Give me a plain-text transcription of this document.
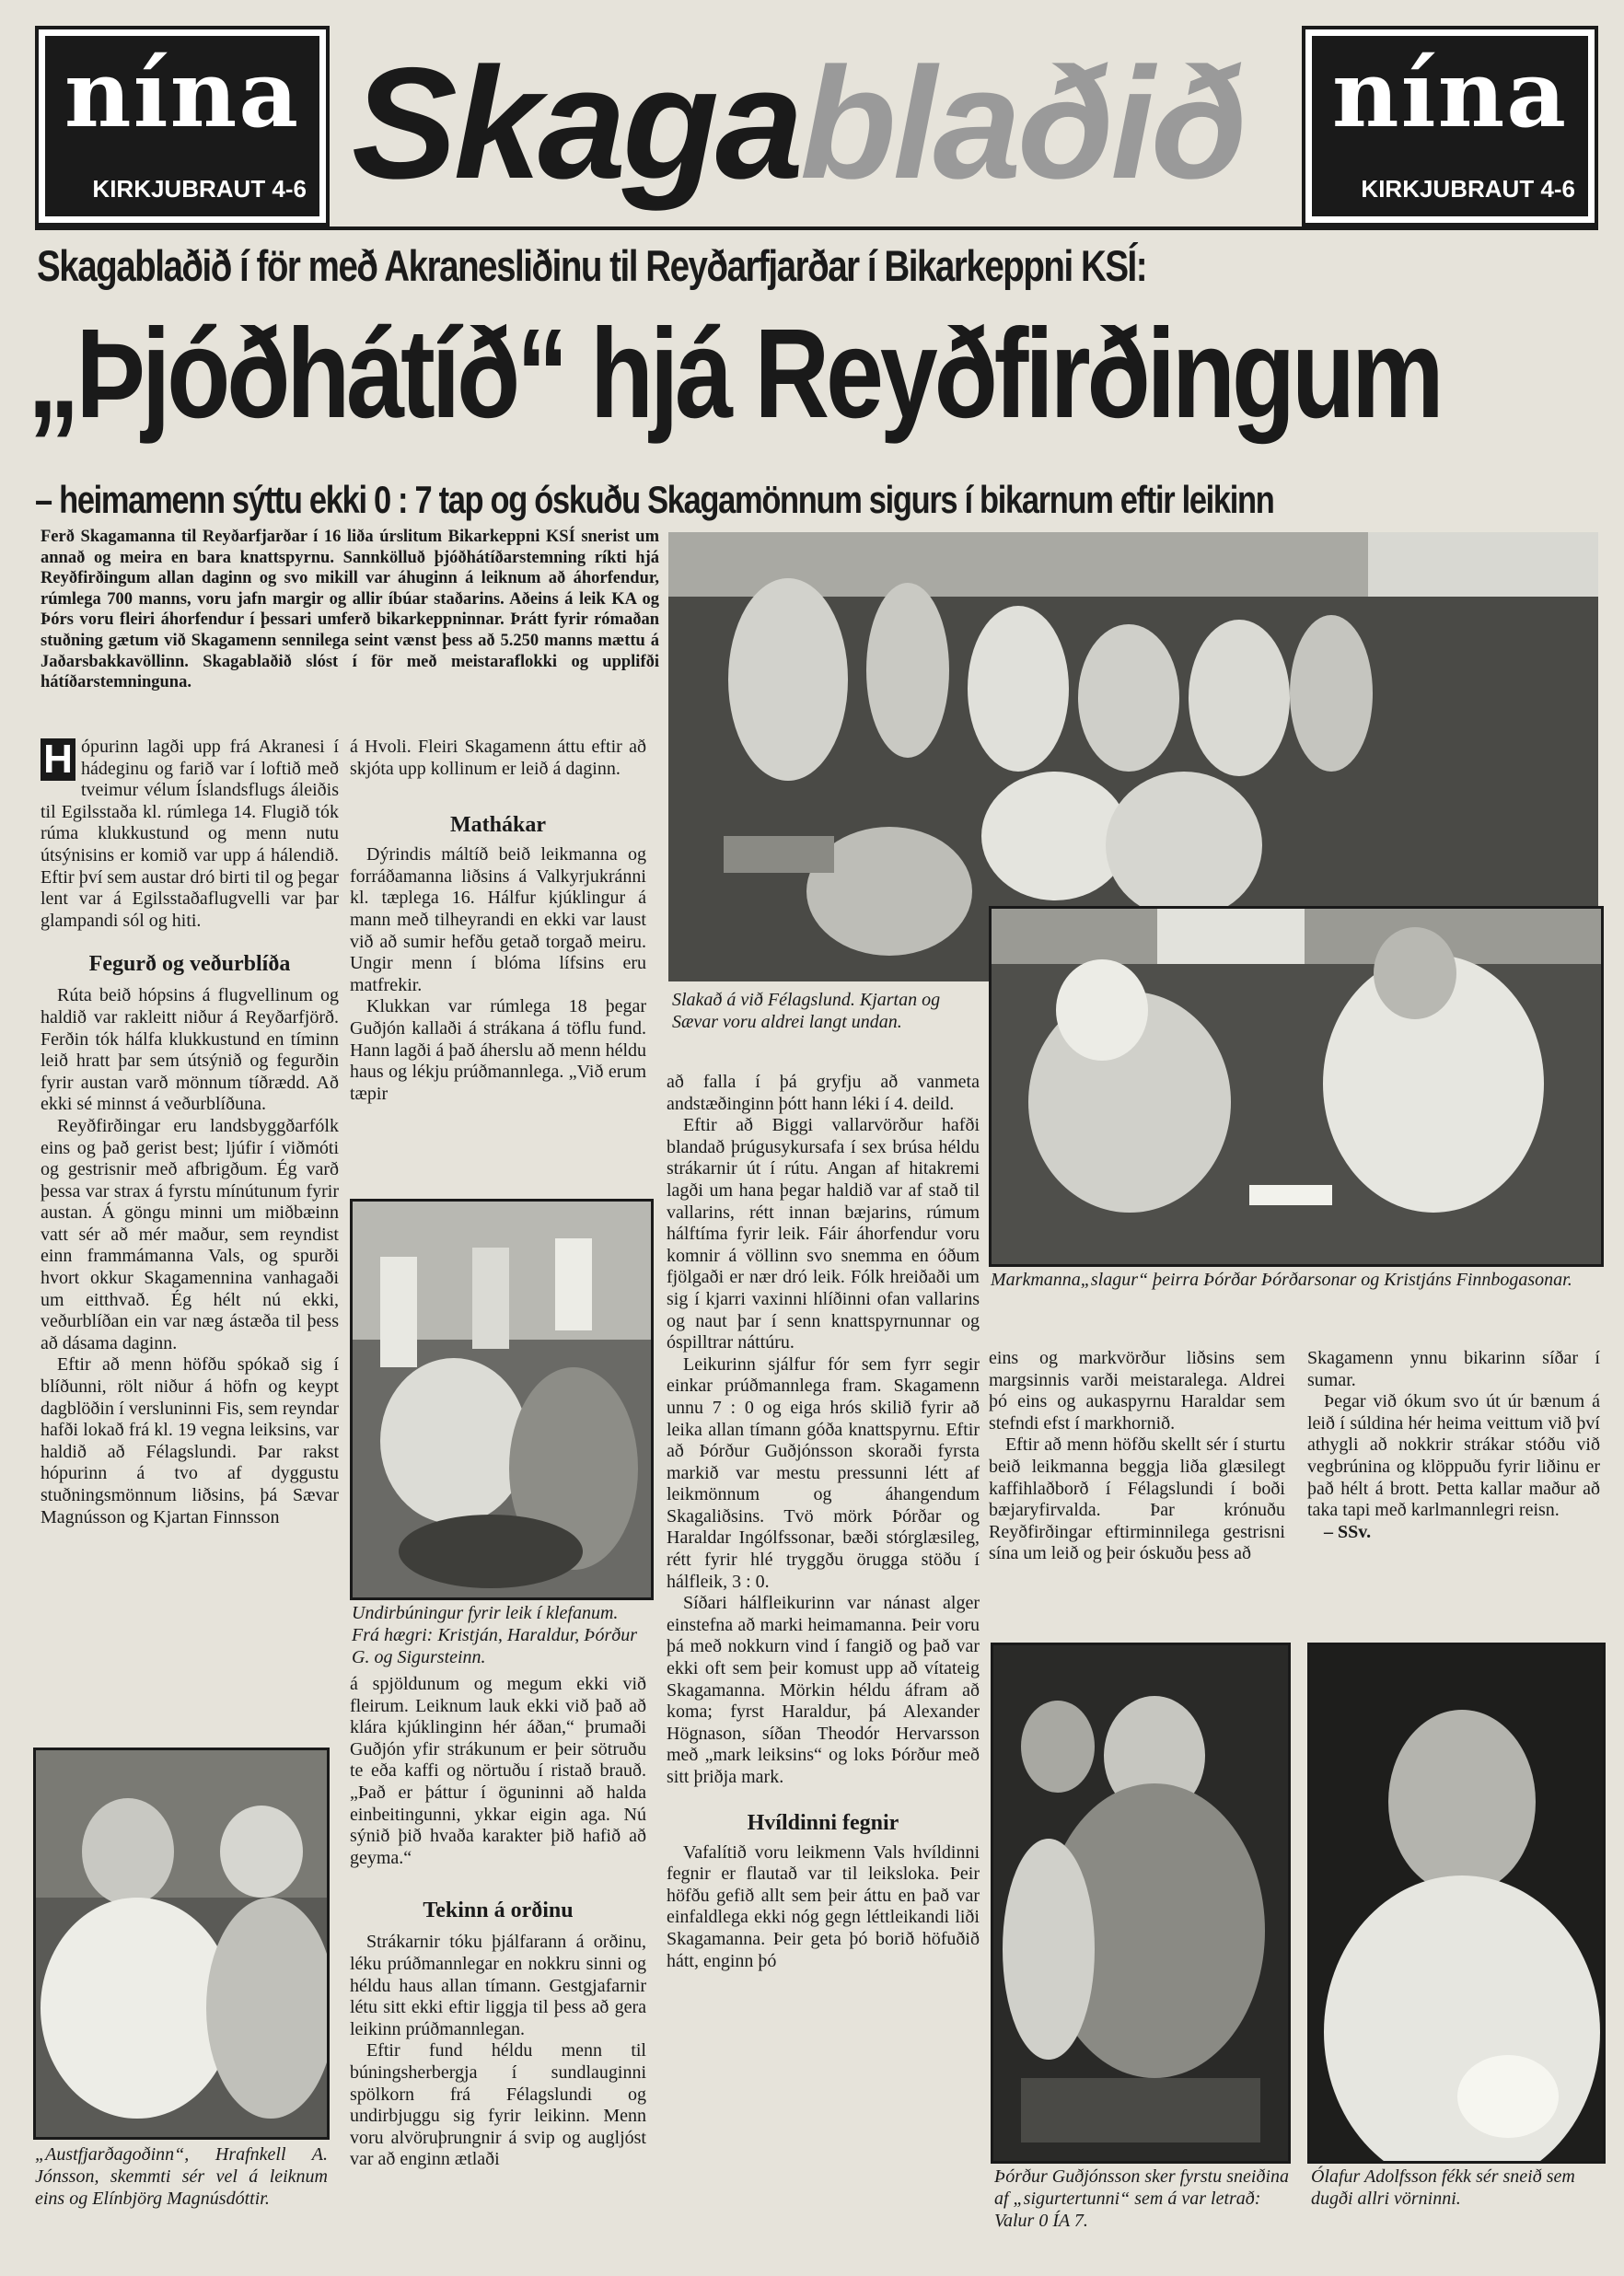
nína
KIRKJUBRAUT 4-6 Skagablaðið nína
KIRKJUBRAUT 4-6
Skagablaðið í för með Akranesliðinu til Reyðarfjarðar í Bikarkeppni KSÍ:
„Þjóðhátíð“ hjá Reyðfirðingum
– heimamenn sýttu ekki 0 : 7 tap og óskuðu Skagamönnum sigurs í bikarnum eftir leikinn
Ferð Skagamanna til Reyðarfjarðar í 16 liða úrslitum Bikarkeppni KSÍ snerist um annað og meira en bara knattspyrnu. Sannkölluð þjóðhátíðarstemning ríkti hjá Reyðfirðingum allan daginn og svo mikill var áhuginn á leiknum að áhorfendur, rúmlega 700 manns, voru jafn margir og allir íbúar staðarins. Aðeins á leik KA og Þórs voru fleiri áhorfendur í þessari umferð bikarkeppninnar. Þrátt fyrir rómaðan stuðning gætum við Skagamenn sennilega seint vænst þess að 5.250 manns mættu á Jaðarsbakkavöllinn. Skagablaðið slóst í för með meistaraflokki og upplifði hátíðarstemninguna.

H ópurinn lagði upp frá Akranesi í hádeginu og farið var í loftið með tveimur vélum Íslandsflugs áleiðis til Egilsstaða kl. rúmlega 14. Flugið tók rúma klukkustund og menn nutu útsýnisins er komið var upp á hálendið. Eftir því sem austar dró birti til og þegar lent var á Egilsstaðaflugvelli var þar glampandi sól og hiti.

Fegurð og veðurblíða

Rúta beið hópsins á flugvellinum og haldið var rakleitt niður á Reyðarfjörð. Ferðin tók hálfa klukkustund en tíminn leið hratt þar sem útsýnið og fegurðin fyrir austan varð mönnum tíðrædd. Að ekki sé minnst á veðurblíðuna.

Reyðfirðingar eru landsbyggðarfólk eins og það gerist best; ljúfir í viðmóti og gestrisnir með afbrigðum. Ég varð þessa var strax á fyrstu mínútunum fyrir austan. Á göngu minni um miðbæinn vatt sér að mér maður, sem reyndist einn frammámanna Vals, og spurði hvort okkur Skagamennina vanhagaði um eitthvað. Ég hélt nú ekki, veðurblíðan ein var næg ástæða til þess að dásama daginn.

Eftir að menn höfðu spókað sig í blíðunni, rölt niður á höfn og keypt dagblöðin í versluninni Fis, sem reyndar hafði lokað frá kl. 19 vegna leiksins, var haldið að Félagslundi. Þar rakst hópurinn á tvo af dyggustu stuðningsmönnum liðsins, þá Sævar Magnússon og Kjartan Finnsson

á Hvoli. Fleiri Skagamenn áttu eftir að skjóta upp kollinum er leið á daginn.

Mathákar

Dýrindis máltíð beið leikmanna og forráðamanna liðsins á Valkyrjukránni kl. tæplega 16. Hálfur kjúklingur á mann með tilheyrandi en ekki var laust við að sumir hefðu getað torgað meiru. Ungir menn í blóma lífsins eru matfrekir.

Klukkan var rúmlega 18 þegar Guðjón kallaði á strákana á töflu fund. Hann lagði á það áherslu að menn héldu haus og lékju prúðmannlega. „Við erum tæpir

á spjöldunum og megum ekki við fleirum. Leiknum lauk ekki við það að klára kjúklinginn hér áðan,“ þrumaði Guðjón yfir strákunum er þeir sötruðu te eða kaffi og nörtuðu í ristað brauð. „Það er þáttur í öguninni að halda einbeitingunni, ykkar eigin aga. Nú sýnið þið hvaða karakter þið hafið að geyma.“

Tekinn á orðinu

Strákarnir tóku þjálfarann á orðinu, léku prúðmannlegar en nokkru sinni og héldu haus allan tímann. Gestgjafarnir létu sitt ekki eftir liggja til þess að gera leikinn prúðmannlegan.

Eftir fund héldu menn til búningsherbergja í sundlauginni spölkorn frá Félagslundi og undirbjuggu sig fyrir leikinn. Menn voru alvöruþrungnir á svip og augljóst var að enginn ætlaði

að falla í þá gryfju að vanmeta andstæðinginn þótt hann léki í 4. deild.

Eftir að Biggi vallarvörður hafði blandað þrúgusykursafa í sex brúsa héldu strákarnir út í rútu. Angan af hitakremi lagði um hana þegar haldið var af stað til vallarins, rétt innan bæjarins, rúmum hálftíma fyrir leik. Fáir áhorfendur voru komnir á völlinn svo snemma en óðum fjölgaði er nær dró leik. Fólk hreiðaði um sig í kjarri vaxinni hlíðinni ofan vallarins og naut þar í senn knattspyrnunnar og óspilltrar náttúru.

Leikurinn sjálfur fór sem fyrr segir einkar prúðmannlega fram. Skagamenn unnu 7 : 0 og eiga hrós skilið fyrir að leika allan tímann góða knattspyrnu. Eftir að Þórður Guðjónsson skoraði fyrsta markið var mestu pressunni létt af leikmönnum og áhangendum Skagaliðsins. Tvö mörk Þórðar og Haraldar Ingólfssonar, bæði stórglæsileg, rétt fyrir hlé tryggðu örugga stöðu í hálfleik, 3 : 0.

Síðari hálfleikurinn var nánast alger einstefna að marki heimamanna. Þeir voru þá með nokkurn vind í fangið og það var ekki oft sem þeir komust upp að vítateig Skagamanna. Mörkin héldu áfram að koma; fyrst Haraldur, þá Alexander Högnason, síðan Theodór Hervarsson með „mark leiksins“ og loks Þórður með sitt þriðja mark.

Hvíldinni fegnir

Vafalítið voru leikmenn Vals hvíldinni fegnir er flautað var til leiksloka. Þeir höfðu gefið allt sem þeir áttu en það var einfaldlega ekki nóg gegn léttleikandi liði Skagamanna. Þeir geta þó borið höfuðið hátt, enginn þó

eins og markvörður liðsins sem margsinnis varði meistaralega. Aldrei þó eins og aukaspyrnu Haraldar sem stefndi efst í markhornið.

Eftir að menn höfðu skellt sér í sturtu beið leikmanna beggja liða glæsilegt kaffihlaðborð í Félagslundi í boði bæjaryfirvalda. Þar krónuðu Reyðfirðingar eftirminnilega gestrisni sína um leið og þeir óskuðu þess að

Skagamenn ynnu bikarinn síðar í sumar.

Þegar við ókum svo út úr bænum á leið í súldina hér heima veittum við því athygli að nokkrir strákar stóðu við vegbrúnina og klöppuðu fyrir liðinu er það hélt á brott. Þetta kallar maður að taka tapi með karlmannlegri reisn.

– SSv.

Slakað á við Félagslund. Kjartan og Sævar voru aldrei langt undan.
Markmanna„slagur“ þeirra Þórðar Þórðarsonar og Kristjáns Finnbogasonar.
Undirbúningur fyrir leik í klefanum. Frá hægri: Kristján, Haraldur, Þórður G. og Sigursteinn.
„Austfjarðagoðinn“, Hrafnkell A. Jónsson, skemmti sér vel á leiknum eins og Elínbjörg Magnúsdóttir.
Þórður Guðjónsson sker fyrstu sneiðina af „sigurtertunni“ sem á var letrað: Valur 0 ÍA 7.
Ólafur Adolfsson fékk sér sneið sem dugði allri vörninni.
